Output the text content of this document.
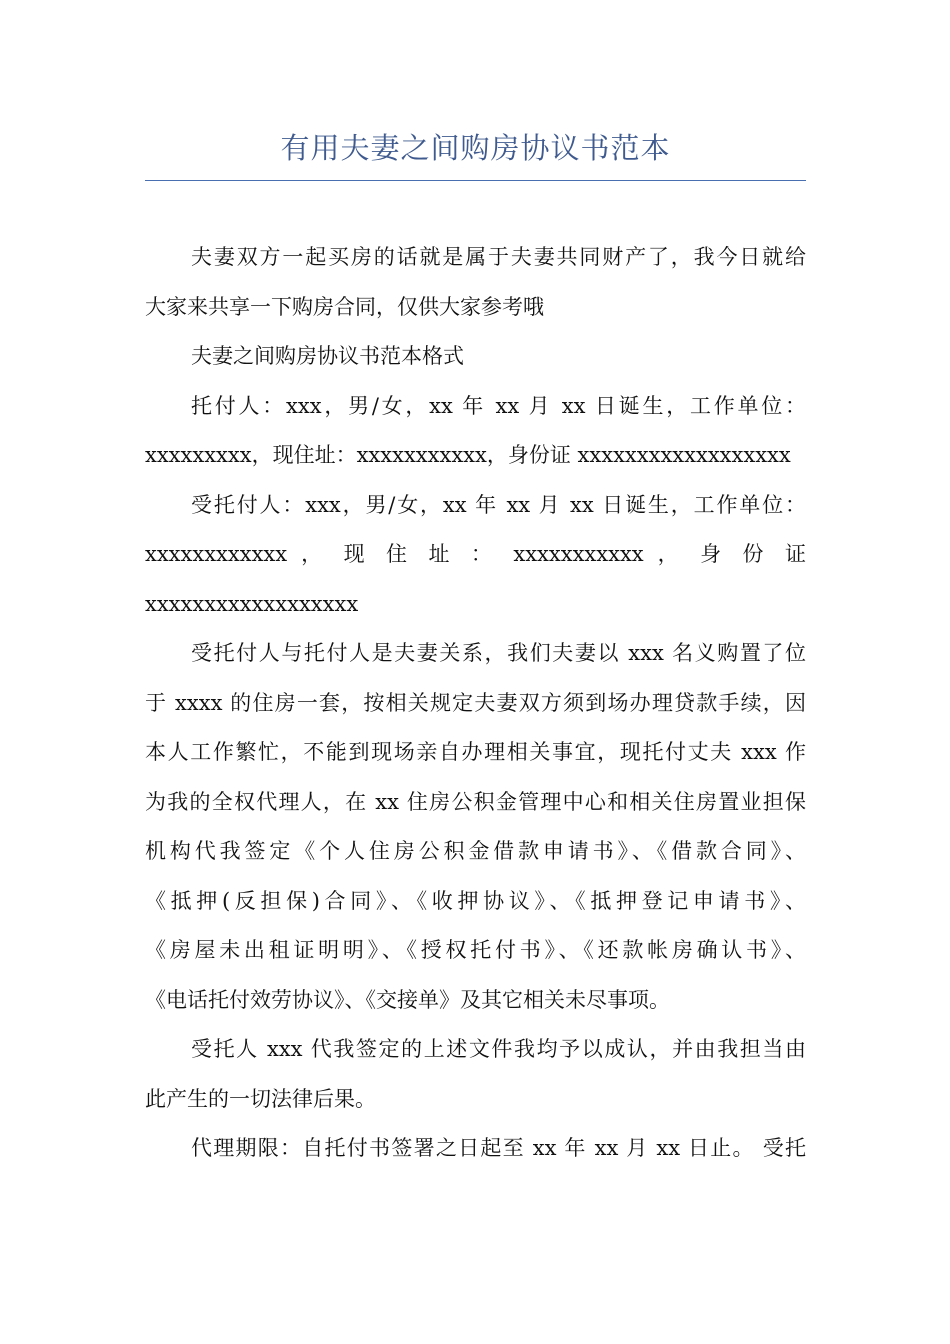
有用夫妻之间购房协议书范本
夫妻双方一起买房的话就是属于夫妻共同财产了，我今日就给
大家来共享一下购房合同，仅供大家参考哦
夫妻之间购房协议书范本格式
托付人：xxx，男/女，xx 年 xx 月 xx 日诞生，工作单位：
xxxxxxxxx，现住址：xxxxxxxxxxx，身份证 xxxxxxxxxxxxxxxxxx
受托付人：xxx，男/女，xx 年 xx 月 xx 日诞生，工作单位：
xxxxxxxxxxxx ， 现 住 址 ： xxxxxxxxxxx ， 身 份 证
xxxxxxxxxxxxxxxxxx
受托付人与托付人是夫妻关系，我们夫妻以 xxx 名义购置了位
于 xxxx 的住房一套，按相关规定夫妻双方须到场办理贷款手续，因
本人工作繁忙，不能到现场亲自办理相关事宜，现托付丈夫 xxx 作
为我的全权代理人，在 xx 住房公积金管理中心和相关住房置业担保
机构代我签定《个人住房公积金借款申请书》、《借款合同》、
《抵押(反担保)合同》、《收押协议》、《抵押登记申请书》、
《房屋未出租证明明》、《授权托付书》、《还款帐房确认书》、
《电话托付效劳协议》、《交接单》及其它相关未尽事项。
受托人 xxx 代我签定的上述文件我均予以成认，并由我担当由
此产生的一切法律后果。
代理期限：自托付书签署之日起至 xx 年 xx 月 xx 日止。 受托
